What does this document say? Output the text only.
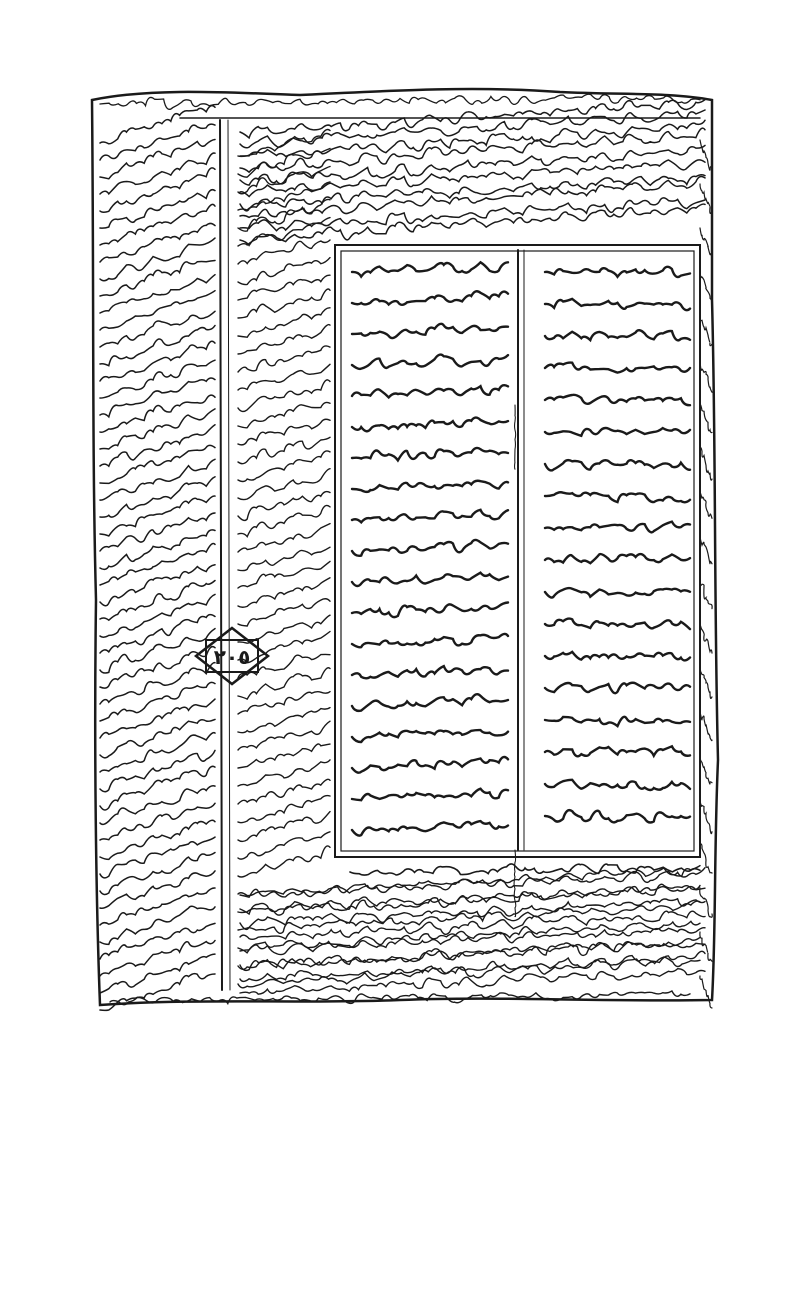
٢٠٥
